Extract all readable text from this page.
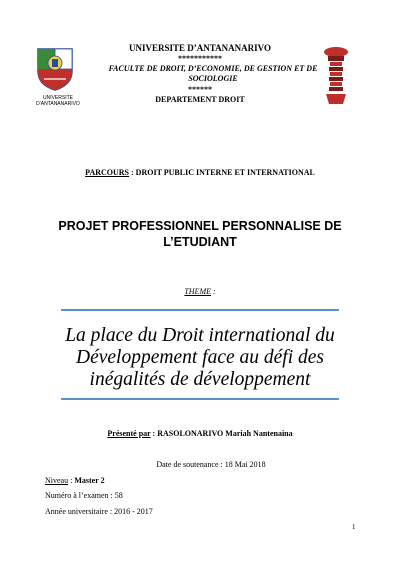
UNIVERSITE D'ANTANANARIVO
UNIVERSITE D’ANTANANARIVO
***********
FACULTE DE DROIT, D’ECONOMIE, DE GESTION ET DE SOCIOLOGIE
******
DEPARTEMENT DROIT
PARCOURS : DROIT PUBLIC INTERNE ET INTERNATIONAL
PROJET PROFESSIONNEL PERSONNALISE DE L’ETUDIANT
THEME :
La place du Droit international du Développement face au défi des inégalités de développement
Présenté par : RASOLONARIVO Mariah Nantenaina
Date de soutenance : 18 Mai 2018
Niveau : Master 2
Numéro à l’examen : 58
Année universitaire : 2016 - 2017
1
